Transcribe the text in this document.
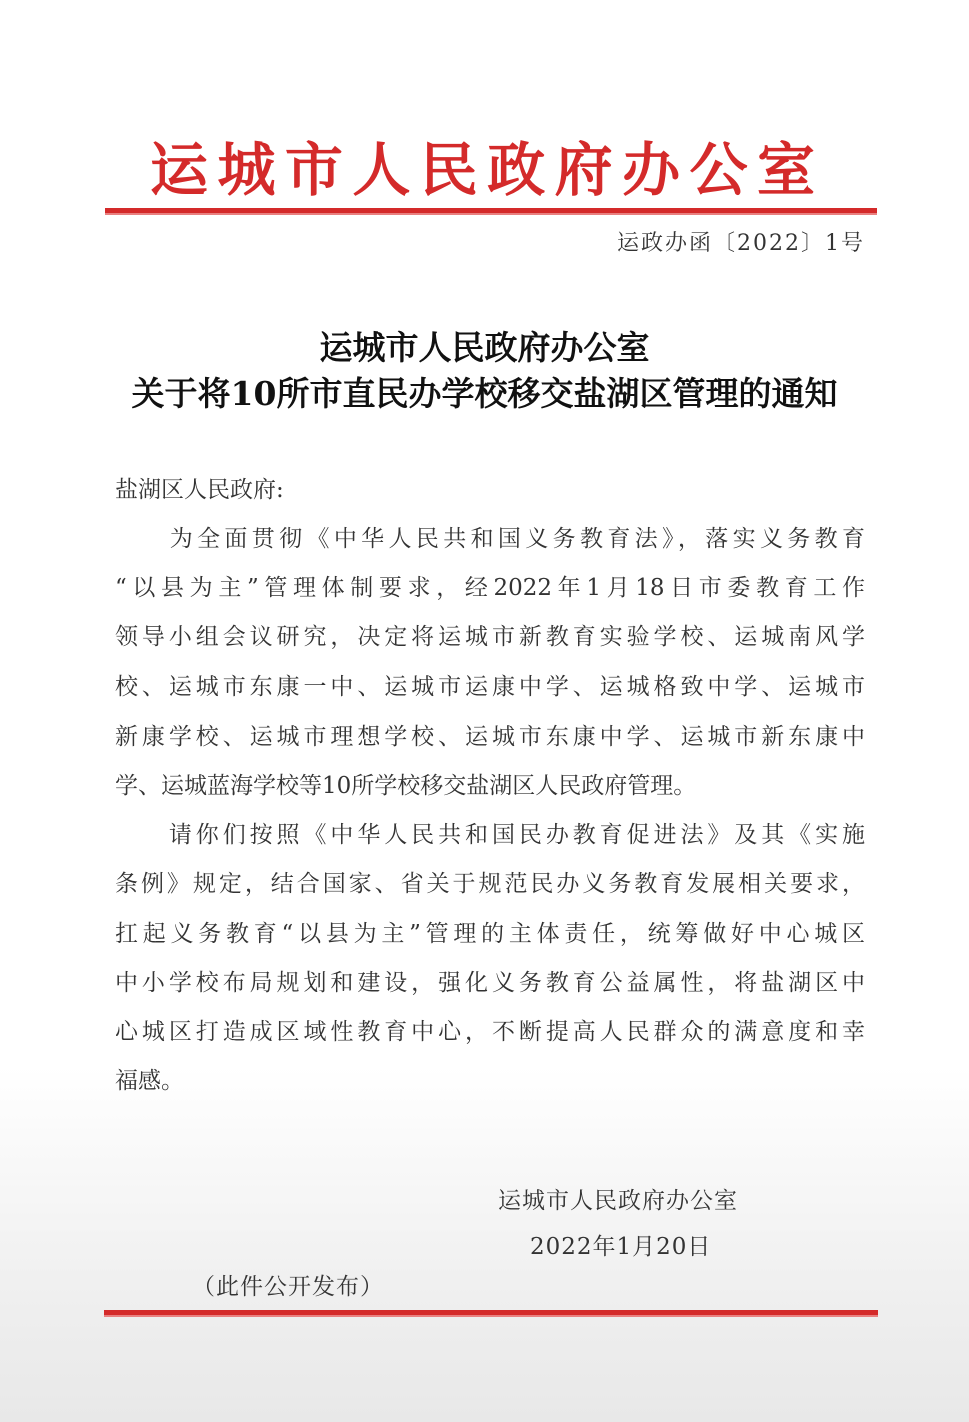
运城市人民政府办公室
运政办函〔2022〕1号
运城市人民政府办公室
关于将10所市直民办学校移交盐湖区管理的通知
盐湖区人民政府:
　　为全面贯彻《中华人民共和国义务教育法》，落实义务教育
“以县为主”管理体制要求，经2022年1月18日市委教育工作
领导小组会议研究，决定将运城市新教育实验学校、运城南风学
校、运城市东康一中、运城市运康中学、运城格致中学、运城市
新康学校、运城市理想学校、运城市东康中学、运城市新东康中
学、运城蓝海学校等10所学校移交盐湖区人民政府管理。
　　请你们按照《中华人民共和国民办教育促进法》及其《实施
条例》规定，结合国家、省关于规范民办义务教育发展相关要求，
扛起义务教育“以县为主”管理的主体责任，统筹做好中心城区
中小学校布局规划和建设，强化义务教育公益属性，将盐湖区中
心城区打造成区域性教育中心，不断提高人民群众的满意度和幸
福感。
运城市人民政府办公室
2022年1月20日
（此件公开发布）
